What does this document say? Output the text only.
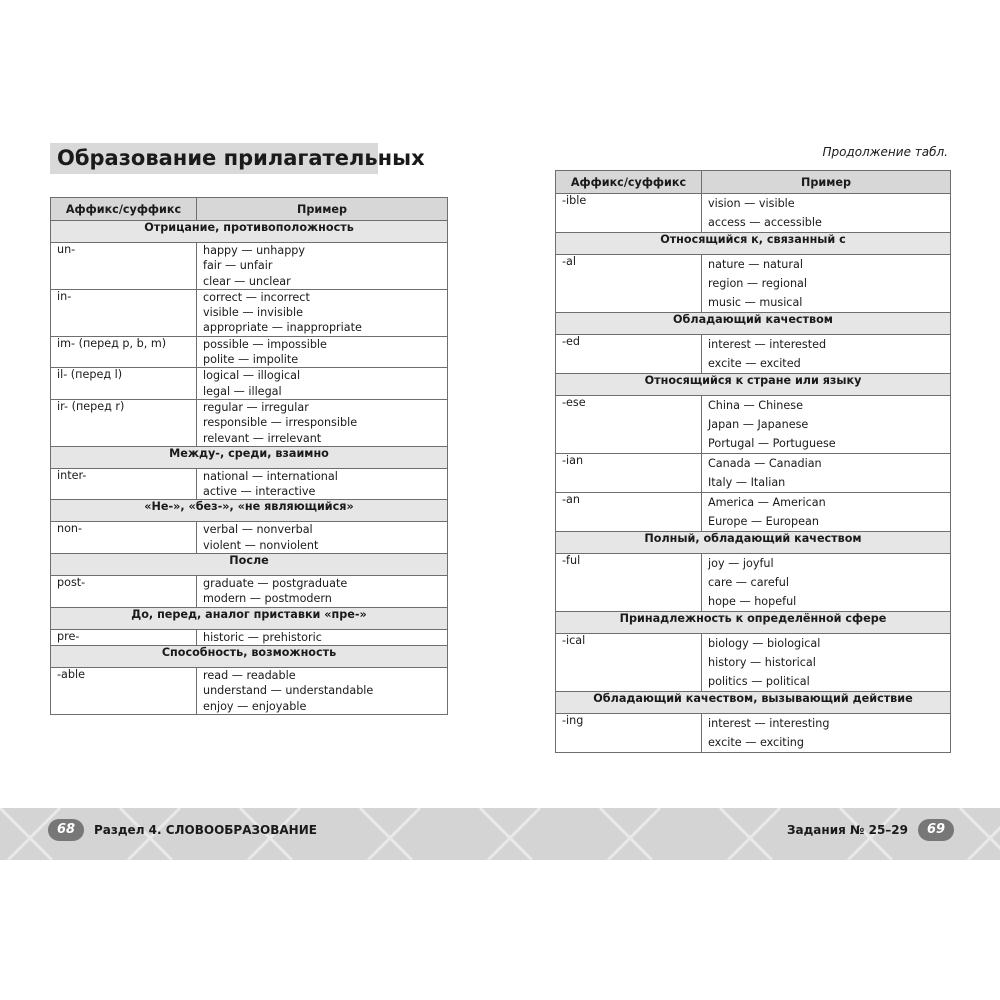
Образование прилагательных	Продолжение табл.
Аффикс/суффикс	Пример
Отрицание, противоположность	
un-	happy — unhappy
fair — unfair
clear — unclear

in-	correct — incorrect
visible — invisible
appropriate — inappropriate

im- (перед p, b, m)	possible — impossible
polite — impolite

il- (перед l)	logical — illogical
legal — illegal

ir- (перед r)	regular — irregular
responsible — irresponsible
relevant — irrelevant

Между-, среди, взаимно	
inter-	national — international
active — interactive

«Не-», «без-», «не являющийся»	
non-	verbal — nonverbal
violent — nonviolent

После	
post-	graduate — postgraduate
modern — postmodern

До, перед, аналог приставки «пре-»	
pre-	historic — prehistoric

Способность, возможность	
-able	read — readable
understand — understandable
enjoy — enjoyable
Аффикс/суффикс	Пример
-ible	vision — visible
access — accessible

Относящийся к, связанный с	
-al	nature — natural
region — regional
music — musical

Обладающий качеством	
-ed	interest — interested
excite — excited

Относящийся к стране или языку	
-ese	China — Chinese
Japan — Japanese
Portugal — Portuguese

-ian	Canada — Canadian
Italy — Italian

-an	America — American
Europe — European

Полный, обладающий качеством	
-ful	joy — joyful
care — careful
hope — hopeful

Принадлежность к определённой сфере	
-ical	biology — biological
history — historical
politics — political

Обладающий качеством, вызывающий действие	
-ing	interest — interesting
excite — exciting
68	Раздел 4. СЛОВООБРАЗОВАНИЕ	Задания № 25–29	69
